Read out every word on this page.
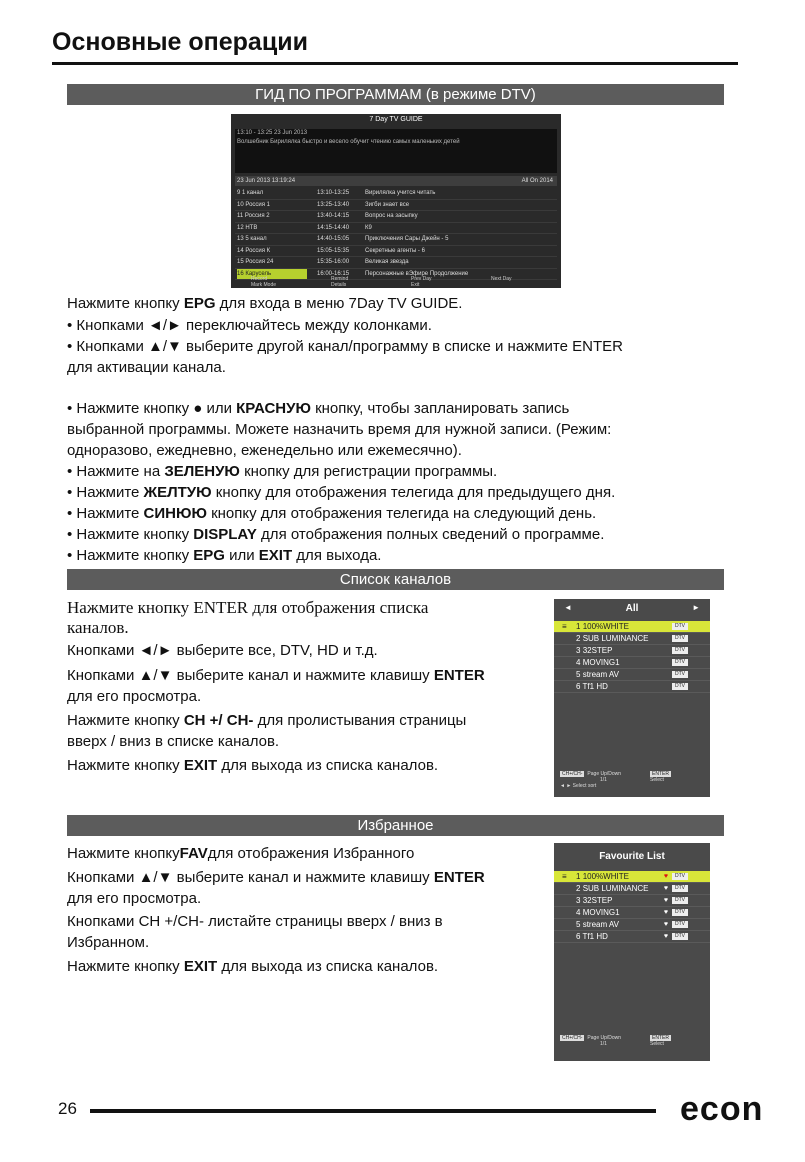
Основные операции
ГИД ПО ПРОГРАММАМ (в режиме DTV)
7 Day TV GUIDE
13:10 - 13:25 23 Jun 2013
Волшебник Бирилялка быстро и весело обучит чтению самых маленьких детей
23 Jun 2013 13:19:24	All On 2014
9 1 канал	13:10-13:25	Вирилялка учится читать
10 Россия 1	13:25-13:40	Зигби знает все
11 Россия 2	13:40-14:15	Вопрос на засыпку
12 НТВ	14:15-14:40	К9
13 5 канал	14:40-15:05	Приключения Сары Джейн - 5
14 Россия К	15:05-15:35	Секретные агенты - 6
15 Россия 24	15:35-16:00	Великая звезда
16 Карусель	16:00-16:15	Персонажные вЭфире Продолжение
Record	Remind	Prev Day	Next Day
Mark Mode	Details	Exit
Нажмите кнопку EPG для входа в меню 7Day TV GUIDE.
• Кнопками ◄/► переключайтесь между колонками.
• Кнопками ▲/▼ выберите другой канал/программу в списке и нажмите ENTER
для активации канала.
• Нажмите кнопку ● или КРАСНУЮ кнопку, чтобы запланировать запись
выбранной программы. Можете назначить время для нужной записи. (Режим:
одноразово, ежедневно, еженедельно или ежемесячно).
• Нажмите на ЗЕЛЕНУЮ кнопку для регистрации программы.
• Нажмите ЖЕЛТУЮ кнопку для отображения телегида для предыдущего дня.
• Нажмите СИНЮЮ кнопку для отображения телегида на следующий день.
• Нажмите кнопку DISPLAY для отображения полных сведений о программе.
• Нажмите кнопку EPG или EXIT для выхода.
Список каналов
Нажмите кнопку ENTER для отображения списка
каналов.
Кнопками ◄/► выберите все, DTV, HD и т.д.
Кнопками ▲/▼ выберите канал и нажмите клавишу ENTER
для его просмотра.
Нажмите кнопку CH +/ CH- для пролистывания страницы
вверх / вниз в списке каналов.
Нажмите кнопку EXIT для выхода из списка каналов.
◄	All	►
≡ 1 100%WHITE	DTV
2 SUB LUMINANCE	DTV
3 32STEP	DTV
4 MOVING1	DTV
5 stream AV	DTV
6 Tf1 HD	DTV
CH+/CH- Page Up/Down	ENTERSelect
1/1
◄ ► Select sort
Избранное
Нажмите кнопкуFAVдля отображения Избранного
Кнопками ▲/▼ выберите канал и нажмите клавишу ENTER
для его просмотра.
Кнопками CH +/CH- листайте страницы вверх / вниз в
Избранном.
Нажмите кнопку EXIT для выхода из списка каналов.
Favourite List
≡ 1 100%WHITE	♥	DTV
2 SUB LUMINANCE ♥	DTV
3 32STEP	♥	DTV
4 MOVING1	♥	DTV
5 stream AV	♥	DTV
6 Tf1 HD	♥	DTV
CH+/CH- Page Up/Down	ENTERSelect
1/1
26	econ
